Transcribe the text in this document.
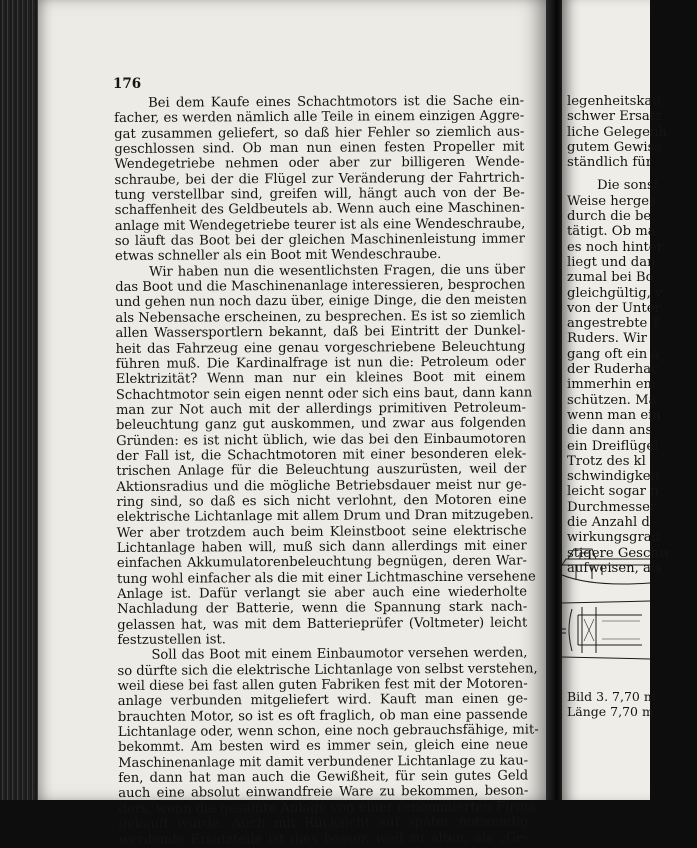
176
Bei dem Kaufe eines Schachtmotors ist die Sache ein-
facher, es werden nämlich alle Teile in einem einzigen Aggre-
gat zusammen geliefert, so daß hier Fehler so ziemlich aus-
geschlossen sind. Ob man nun einen festen Propeller mit
Wendegetriebe nehmen oder aber zur billigeren Wende-
schraube, bei der die Flügel zur Veränderung der Fahrtrich-
tung verstellbar sind, greifen will, hängt auch von der Be-
schaffenheit des Geldbeutels ab. Wenn auch eine Maschinen-
anlage mit Wendegetriebe teurer ist als eine Wendeschraube,
so läuft das Boot bei der gleichen Maschinenleistung immer
etwas schneller als ein Boot mit Wendeschraube.
Wir haben nun die wesentlichsten Fragen, die uns über
das Boot und die Maschinenanlage interessieren, besprochen
und gehen nun noch dazu über, einige Dinge, die den meisten
als Nebensache erscheinen, zu besprechen. Es ist so ziemlich
allen Wassersportlern bekannt, daß bei Eintritt der Dunkel-
heit das Fahrzeug eine genau vorgeschriebene Beleuchtung
führen muß. Die Kardinalfrage ist nun die: Petroleum oder
Elektrizität? Wenn man nur ein kleines Boot mit einem
Schachtmotor sein eigen nennt oder sich eins baut, dann kann
man zur Not auch mit der allerdings primitiven Petroleum-
beleuchtung ganz gut auskommen, und zwar aus folgenden
Gründen: es ist nicht üblich, wie das bei den Einbaumotoren
der Fall ist, die Schachtmotoren mit einer besonderen elek-
trischen Anlage für die Beleuchtung auszurüsten, weil der
Aktionsradius und die mögliche Betriebsdauer meist nur ge-
ring sind, so daß es sich nicht verlohnt, den Motoren eine
elektrische Lichtanlage mit allem Drum und Dran mitzugeben.
Wer aber trotzdem auch beim Kleinstboot seine elektrische
Lichtanlage haben will, muß sich dann allerdings mit einer
einfachen Akkumulatorenbeleuchtung begnügen, deren War-
tung wohl einfacher als die mit einer Lichtmaschine versehene
Anlage ist. Dafür verlangt sie aber auch eine wiederholte
Nachladung der Batterie, wenn die Spannung stark nach-
gelassen hat, was mit dem Batterieprüfer (Voltmeter) leicht
festzustellen ist.
Soll das Boot mit einem Einbaumotor versehen werden,
so dürfte sich die elektrische Lichtanlage von selbst verstehen,
weil diese bei fast allen guten Fabriken fest mit der Motoren-
anlage verbunden mitgeliefert wird. Kauft man einen ge-
brauchten Motor, so ist es oft fraglich, ob man eine passende
Lichtanlage oder, wenn schon, eine noch gebrauchsfähige, mit-
bekommt. Am besten wird es immer sein, gleich eine neue
Maschinenanlage mit damit verbundener Lichtanlage zu kau-
fen, dann hat man auch die Gewißheit, für sein gutes Geld
auch eine absolut einwandfreie Ware zu bekommen, beson-
ders, wenn die gesamte Anlage von einer renommierten Firma
gekauft wurde. Auch mit Rücksicht auf später notwendig
werdende Ersatzteile ist dies besser, weil zu alten, als „Ge-
legenheitskau
schwer Ersatz
liche Gelegenh
gutem Gewiss
ständlich für
Die sonst
Weise herges
durch die be
tätigt. Ob ma
es noch hinter
liegt und dan
zumal bei Bo
gleichgültig, v
von der Unter
angestrebte T
Ruders. Wir
gang oft ein a
der Ruderhac
immerhin em
schützen. Ma
wenn man ein
die dann ans
ein Dreiflügel
Trotz des kl
schwindigkeit
leicht sogar n
Durchmesser
die Anzahl d
wirkungsgrad
stigere Geschw
aufweisen, als
Bild 3. 7,70 m
Länge 7,70 m.
